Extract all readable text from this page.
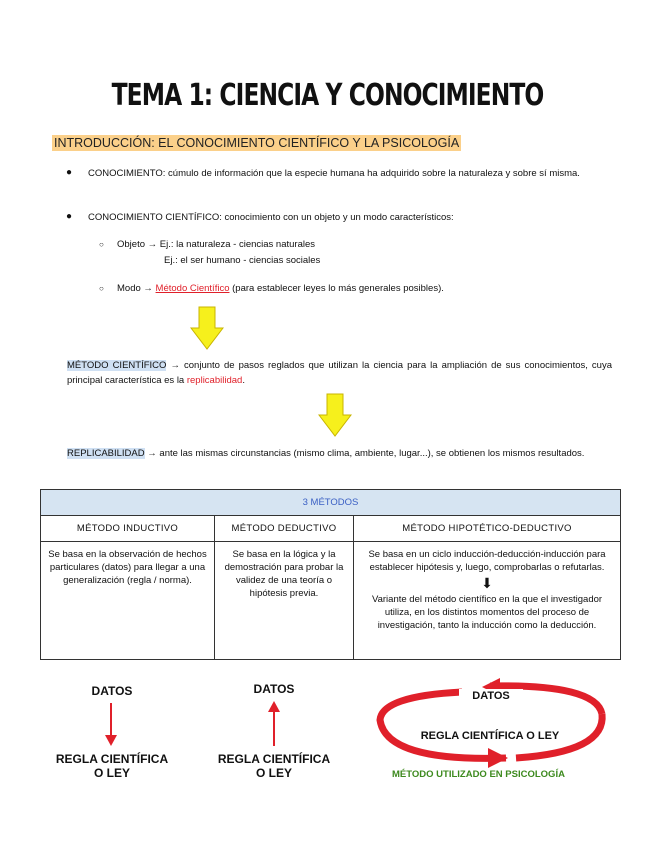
TEMA 1: CIENCIA Y CONOCIMIENTO
INTRODUCCIÓN: EL CONOCIMIENTO CIENTÍFICO Y LA PSICOLOGÍA
● CONOCIMIENTO: cúmulo de información que la especie humana ha adquirido sobre la naturaleza y sobre sí misma.
● CONOCIMIENTO CIENTÍFICO: conocimiento con un objeto y un modo característicos:
○ Objeto → Ej.: la naturaleza - ciencias naturales
Ej.: el ser humano - ciencias sociales
○ Modo → Método Científico (para establecer leyes lo más generales posibles).
MÉTODO CIENTÍFICO → conjunto de pasos reglados que utilizan la ciencia para la ampliación de sus conocimientos, cuya principal característica es la replicabilidad.
REPLICABILIDAD → ante las mismas circunstancias (mismo clima, ambiente, lugar...), se obtienen los mismos resultados.
3 MÉTODOS		
MÉTODO INDUCTIVO	MÉTODO DEDUCTIVO	MÉTODO HIPOTÉTICO-DEDUCTIVO
Se basa en la observación de hechos particulares (datos) para llegar a una generalización (regla / norma).	Se basa en la lógica y la demostración para probar la validez de una teoría o hipótesis previa.	Se basa en un ciclo inducción-deducción-inducción para establecer hipótesis y, luego, comprobarlas o refutarlas.
⬇
Variante del método científico en la que el investigador utiliza, en los distintos momentos del proceso de investigación, tanto la inducción como la deducción.
DATOS
REGLA CIENTÍFICA O LEY
DATOS
REGLA CIENTÍFICA O LEY
DATOS
REGLA CIENTÍFICA O LEY
MÉTODO UTILIZADO EN PSICOLOGÍA
